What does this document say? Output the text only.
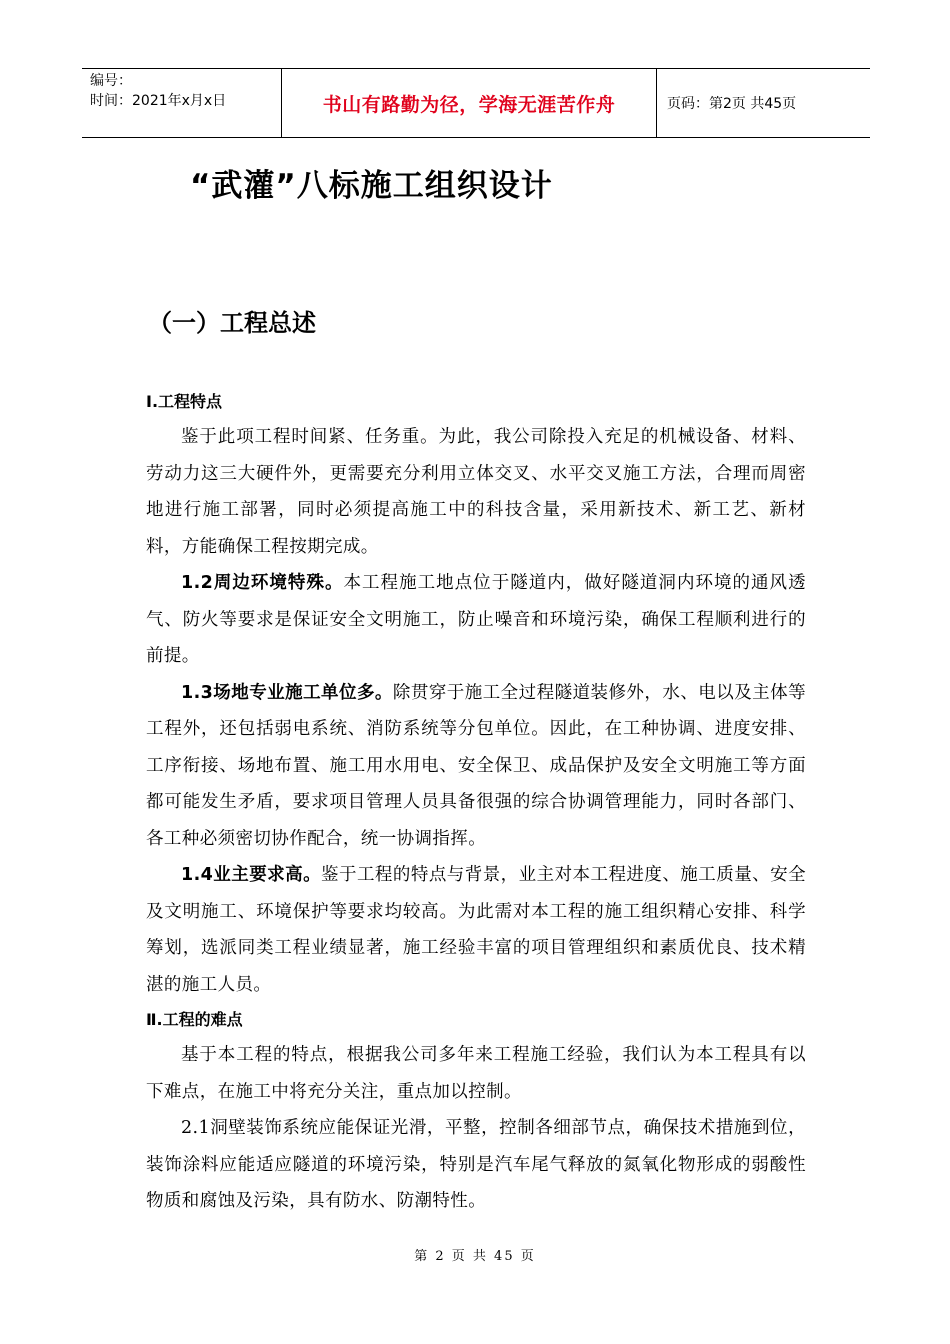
编号：
时间：2021年x月x日	书山有路勤为径，学海无涯苦作舟	页码：第2页 共45页
“武灌”八标施工组织设计
（一）工程总述
Ⅰ.工程特点

鉴于此项工程时间紧、任务重。为此，我公司除投入充足的机械设备、材料、劳动力这三大硬件外，更需要充分利用立体交叉、水平交叉施工方法，合理而周密地进行施工部署，同时必须提高施工中的科技含量，采用新技术、新工艺、新材料，方能确保工程按期完成。

1.2周边环境特殊。本工程施工地点位于隧道内，做好隧道洞内环境的通风透气、防火等要求是保证安全文明施工，防止噪音和环境污染，确保工程顺利进行的前提。

1.3场地专业施工单位多。除贯穿于施工全过程隧道装修外，水、电以及主体等工程外，还包括弱电系统、消防系统等分包单位。因此，在工种协调、进度安排、工序衔接、场地布置、施工用水用电、安全保卫、成品保护及安全文明施工等方面都可能发生矛盾，要求项目管理人员具备很强的综合协调管理能力，同时各部门、各工种必须密切协作配合，统一协调指挥。

1.4业主要求高。鉴于工程的特点与背景，业主对本工程进度、施工质量、安全及文明施工、环境保护等要求均较高。为此需对本工程的施工组织精心安排、科学筹划，选派同类工程业绩显著，施工经验丰富的项目管理组织和素质优良、技术精湛的施工人员。

Ⅱ.工程的难点

基于本工程的特点，根据我公司多年来工程施工经验，我们认为本工程具有以下难点，在施工中将充分关注，重点加以控制。

2.1洞壁装饰系统应能保证光滑，平整，控制各细部节点，确保技术措施到位，装饰涂料应能适应隧道的环境污染，特别是汽车尾气释放的氮氧化物形成的弱酸性物质和腐蚀及污染，具有防水、防潮特性。

第 2 页 共 45 页
